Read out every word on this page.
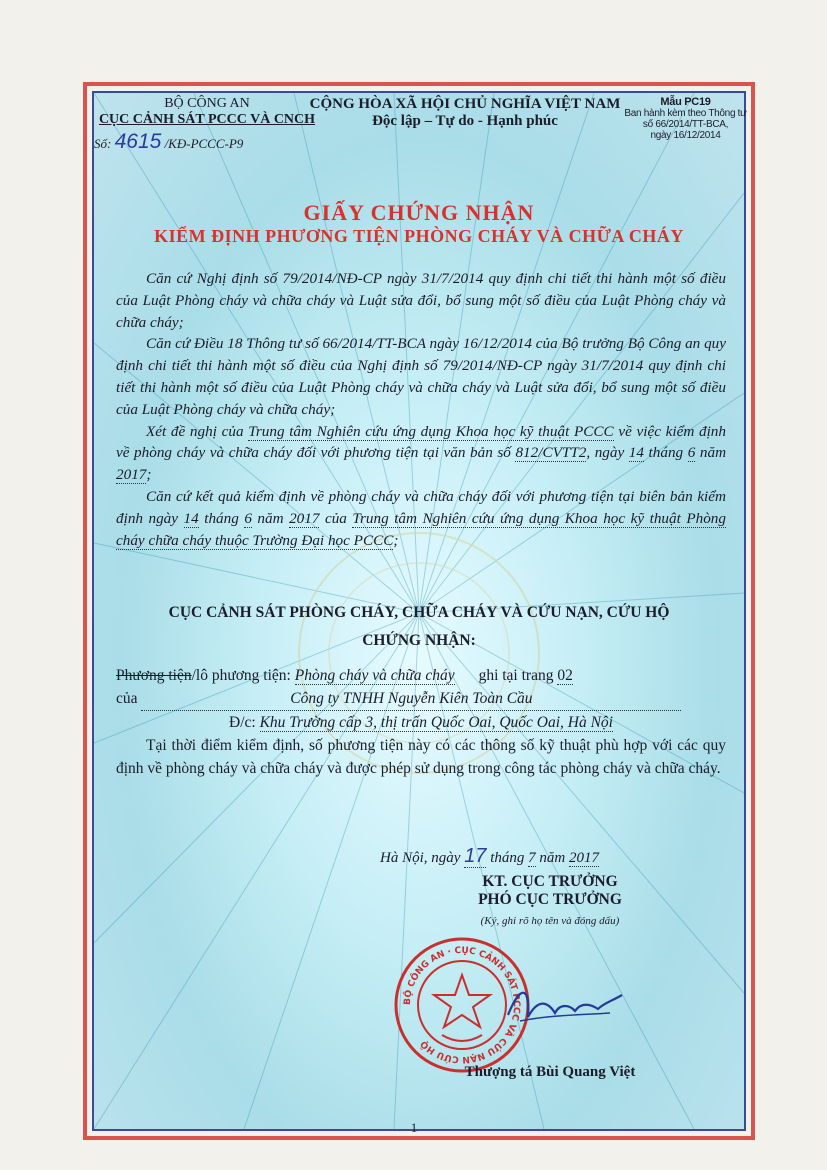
BỘ CÔNG AN
CỤC CẢNH SÁT PCCC VÀ CNCH
Số: 4615 /KĐ-PCCC-P9
CỘNG HÒA XÃ HỘI CHỦ NGHĨA VIỆT NAM
Độc lập – Tự do - Hạnh phúc
Mẫu PC19
Ban hành kèm theo Thông tư
số 66/2014/TT-BCA,
ngày 16/12/2014
GIẤY CHỨNG NHẬN
KIỂM ĐỊNH PHƯƠNG TIỆN PHÒNG CHÁY VÀ CHỮA CHÁY

Căn cứ Nghị định số 79/2014/NĐ-CP ngày 31/7/2014 quy định chi tiết thi hành một số điều của Luật Phòng cháy và chữa cháy và Luật sửa đổi, bổ sung một số điều của Luật Phòng cháy và chữa cháy;

Căn cứ Điều 18 Thông tư số 66/2014/TT-BCA ngày 16/12/2014 của Bộ trưởng Bộ Công an quy định chi tiết thi hành một số điều của Nghị định số 79/2014/NĐ-CP ngày 31/7/2014 quy định chi tiết thi hành một số điều của Luật Phòng cháy và chữa cháy và Luật sửa đổi, bổ sung một số điều của Luật Phòng cháy và chữa cháy;

Xét đề nghị của Trung tâm Nghiên cứu ứng dụng Khoa học kỹ thuật PCCC về việc kiểm định về phòng cháy và chữa cháy đối với phương tiện tại văn bản số 812/CVTT2, ngày 14 tháng 6 năm 2017;

Căn cứ kết quả kiểm định về phòng cháy và chữa cháy đối với phương tiện tại biên bản kiểm định ngày 14 tháng 6 năm 2017 của Trung tâm Nghiên cứu ứng dụng Khoa học kỹ thuật Phòng cháy chữa cháy thuộc Trường Đại học PCCC;

CỤC CẢNH SÁT PHÒNG CHÁY, CHỮA CHÁY VÀ CỨU NẠN, CỨU HỘ
CHỨNG NHẬN:
Phương tiện/lô phương tiện: Phòng cháy và chữa cháy ghi tại trang 02
của	Công ty TNHH Nguyễn Kiên Toàn Cầu
Đ/c: Khu Trường cấp 3, thị trấn Quốc Oai, Quốc Oai, Hà Nội
Tại thời điểm kiểm định, số phương tiện này có các thông số kỹ thuật phù hợp với các quy định về phòng cháy và chữa cháy và được phép sử dụng trong công tác phòng cháy và chữa cháy.
Hà Nội, ngày 17 tháng 7 năm 2017
KT. CỤC TRƯỞNG
PHÓ CỤC TRƯỞNG
(Ký, ghi rõ họ tên và đóng dấu)
BỘ CÔNG AN · CỤC CẢNH SÁT PCCC VÀ CỨU NẠN CỨU HỘ
Thượng tá Bùi Quang Việt
1
